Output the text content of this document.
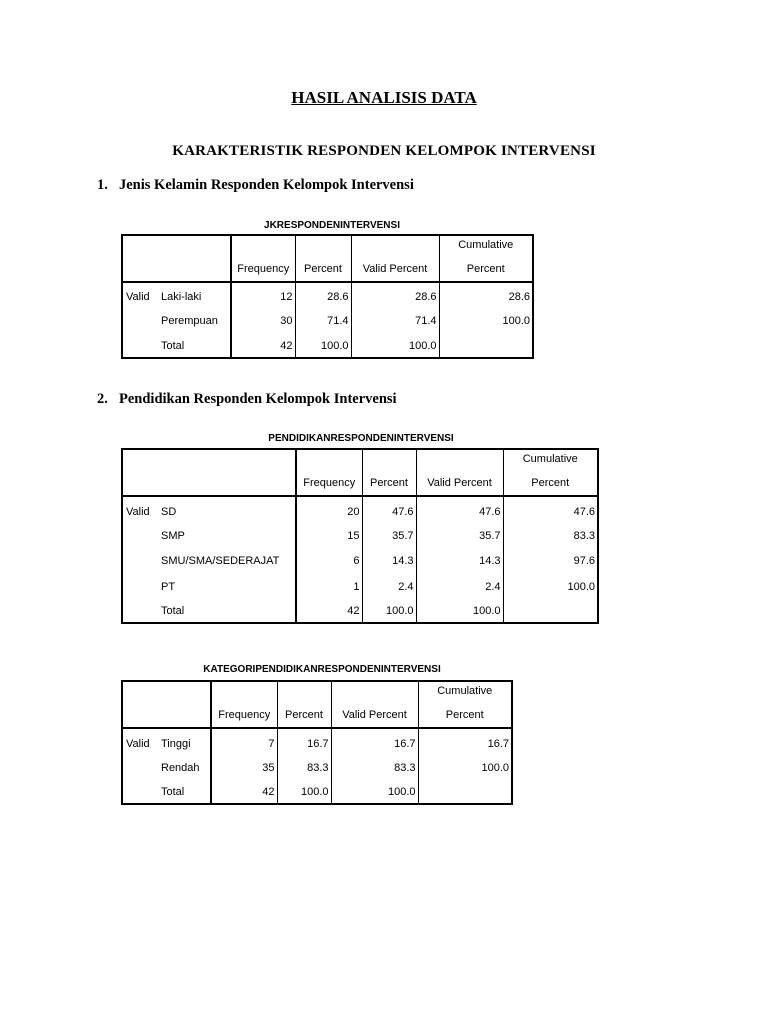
HASIL ANALISIS DATA
KARAKTERISTIK RESPONDEN KELOMPOK INTERVENSI

1. Jenis Kelamin Responden Kelompok Intervensi

JKRESPONDENINTERVENSI

		Frequency	Percent	Valid Percent	Cumulative

Percent
Valid	Laki-laki	12	28.6	28.6	28.6
	Perempuan	30	71.4	71.4	100.0
	Total	42	100.0	100.0	

2. Pendidikan Responden Kelompok Intervensi

PENDIDIKANRESPONDENINTERVENSI

		Frequency	Percent	Valid Percent	Cumulative

Percent
Valid	SD	20	47.6	47.6	47.6
	SMP	15	35.7	35.7	83.3
	SMU/SMA/SEDERAJAT	6	14.3	14.3	97.6
	PT	1	2.4	2.4	100.0
	Total	42	100.0	100.0	

KATEGORIPENDIDIKANRESPONDENINTERVENSI

		Frequency	Percent	Valid Percent	Cumulative

Percent
Valid	Tinggi	7	16.7	16.7	16.7
	Rendah	35	83.3	83.3	100.0
	Total	42	100.0	100.0	
